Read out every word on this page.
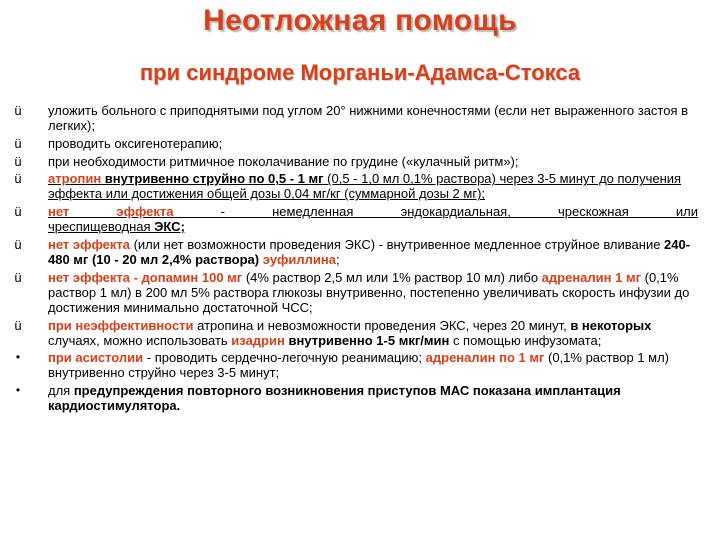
Неотложная помощь
при синдроме Морганьи-Адамса-Стокса
ü	уложить больного с приподнятыми под углом 20° нижними конечностями (если нет выраженного застоя в легких);
ü	проводить оксигенотерапию;
ü	при необходимости ритмичное поколачивание по грудине («кулачный ритм»);
ü	атропин внутривенно струйно по 0,5 - 1 мг (0,5 - 1,0 мл 0,1% раствора) через 3-5 минут до получения эффекта или достижения общей дозы 0,04 мг/кг (суммарной дозы 2 мг);
ü	нет эффекта - немедленная эндокардиальная, чрескожная или
чреспищеводная ЭКС;
ü	нет эффекта (или нет возможности проведения ЭКС) - внутривенное медленное струйное вливание 240-480 мг (10 - 20 мл 2,4% раствора) эуфиллина;
ü	нет эффекта - допамин 100 мг (4% раствор 2,5 мл или 1% раствор 10 мл) либо адреналин 1 мг (0,1% раствор 1 мл) в 200 мл 5% раствора глюкозы внутривенно, постепенно увеличивать скорость инфузии до достижения минимально достаточной ЧСС;
ü	при неэффективности атропина и невозможности проведения ЭКС, через 20 минут, в некоторых случаях, можно использовать изадрин внутривенно 1-5 мкг/мин с помощью инфузомата;
•	при асистолии - проводить сердечно-легочную реанимацию; адреналин по 1 мг (0,1% раствор 1 мл) внутривенно струйно через 3-5 минут;
•	для предупреждения повторного возникновения приступов МАС показана имплантация кардиостимулятора.
